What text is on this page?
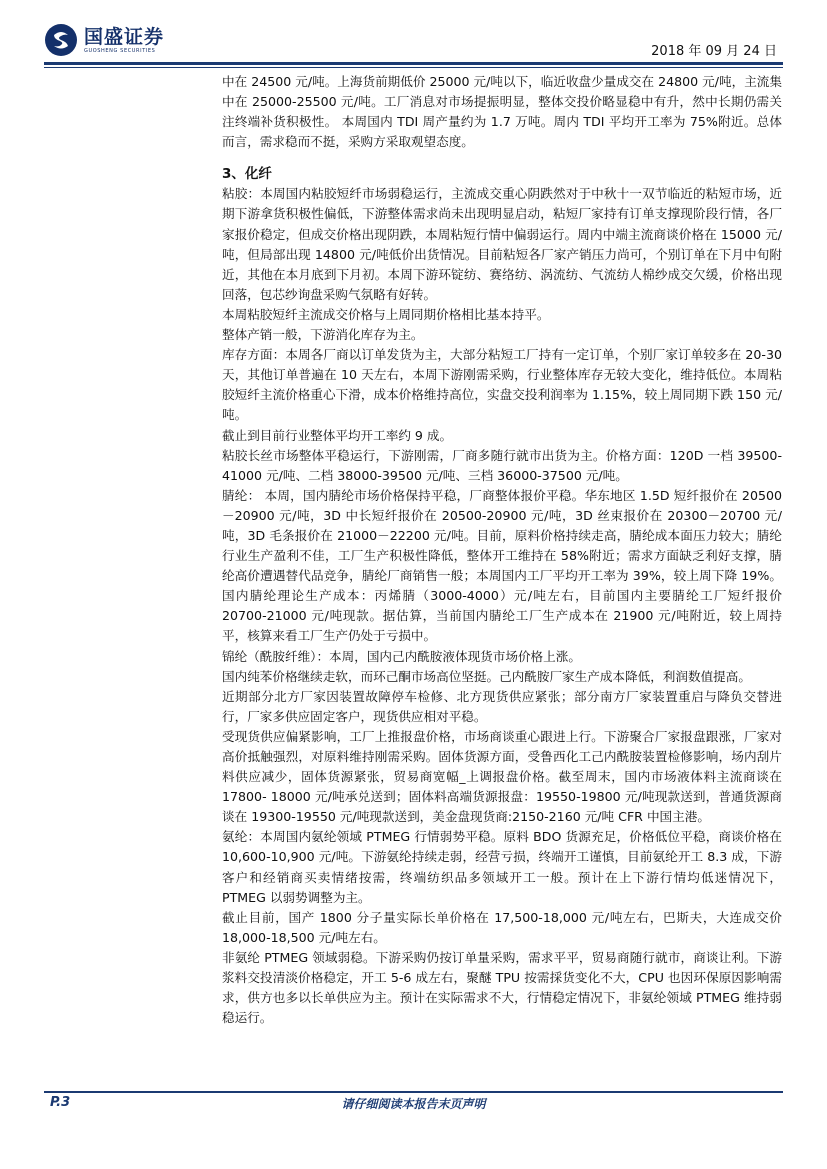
国盛证券
GUOSHENG SECURITIES	2018 年 09 月 24 日

中在 24500 元/吨。上海货前期低价 25000 元/吨以下，临近收盘少量成交在 24800 元/吨，主流集中在 25000-25500 元/吨。工厂消息对市场提振明显，整体交投价略显稳中有升，然中长期仍需关注终端补货积极性。 本周国内 TDI 周产量约为 1.7 万吨。周内 TDI 平均开工率为 75%附近。总体而言，需求稳而不挺，采购方采取观望态度。

3、化纤

粘胶：本周国内粘胶短纤市场弱稳运行，主流成交重心阴跌然对于中秋十一双节临近的粘短市场，近期下游拿货积极性偏低，下游整体需求尚未出现明显启动，粘短厂家持有订单支撑现阶段行情，各厂家报价稳定，但成交价格出现阴跌，本周粘短行情中偏弱运行。周内中端主流商谈价格在 15000 元/吨，但局部出现 14800 元/吨低价出货情况。目前粘短各厂家产销压力尚可，个别订单在下月中旬附近，其他在本月底到下月初。本周下游环锭纺、赛络纺、涡流纺、气流纺人棉纱成交欠缓，价格出现回落，包芯纱询盘采购气氛略有好转。

本周粘胶短纤主流成交价格与上周同期价格相比基本持平。

整体产销一般，下游消化库存为主。

库存方面：本周各厂商以订单发货为主，大部分粘短工厂持有一定订单，个别厂家订单较多在 20-30 天，其他订单普遍在 10 天左右，本周下游刚需采购，行业整体库存无较大变化，维持低位。本周粘胶短纤主流价格重心下滑，成本价格维持高位，实盘交投利润率为 1.15%，较上周同期下跌 150 元/吨。

截止到目前行业整体平均开工率约 9 成。

粘胶长丝市场整体平稳运行，下游刚需，厂商多随行就市出货为主。价格方面：120D 一档 39500-41000 元/吨、二档 38000-39500 元/吨、三档 36000-37500 元/吨。

腈纶： 本周，国内腈纶市场价格保持平稳，厂商整体报价平稳。华东地区 1.5D 短纤报价在 20500－20900 元/吨，3D 中长短纤报价在 20500-20900 元/吨，3D 丝束报价在 20300－20700 元/吨，3D 毛条报价在 21000－22200 元/吨。目前，原料价格持续走高，腈纶成本面压力较大；腈纶行业生产盈利不佳，工厂生产积极性降低，整体开工维持在 58%附近；需求方面缺乏利好支撑，腈纶高价遭遇替代品竞争，腈纶厂商销售一般；本周国内工厂平均开工率为 39%，较上周下降 19%。国内腈纶理论生产成本：丙烯腈（3000-4000）元/吨左右，目前国内主要腈纶工厂短纤报价 20700-21000 元/吨现款。据估算，当前国内腈纶工厂生产成本在 21900 元/吨附近，较上周持平，核算来看工厂生产仍处于亏损中。

锦纶（酰胺纤维）：本周，国内己内酰胺液体现货市场价格上涨。

国内纯苯价格继续走软，而环己酮市场高位坚挺。己内酰胺厂家生产成本降低，利润数值提高。

近期部分北方厂家因装置故障停车检修、北方现货供应紧张；部分南方厂家装置重启与降负交替进行，厂家多供应固定客户，现货供应相对平稳。

受现货供应偏紧影响，工厂上推报盘价格，市场商谈重心跟进上行。下游聚合厂家报盘跟涨，厂家对高价抵触强烈，对原料维持刚需采购。固体货源方面，受鲁西化工己内酰胺装置检修影响，场内刮片料供应减少，固体货源紧张，贸易商宽幅_上调报盘价格。截至周末，国内市场液体料主流商谈在 17800- 18000 元/吨承兑送到；固体料高端货源报盘：19550-19800 元/吨现款送到，普通货源商谈在 19300-19550 元/吨现款送到，美金盘现货商:2150-2160 元/吨 CFR 中国主港。

氨纶：本周国内氨纶领域 PTMEG 行情弱势平稳。原料 BDO 货源充足，价格低位平稳，商谈价格在 10,600-10,900 元/吨。下游氨纶持续走弱，经营亏损，终端开工谨慎，目前氨纶开工 8.3 成，下游客户和经销商买卖情绪按需，终端纺织品多领域开工一般。预计在上下游行情均低迷情况下，PTMEG 以弱势调整为主。

截止目前，国产 1800 分子量实际长单价格在 17,500-18,000 元/吨左右，巴斯夫，大连成交价 18,000-18,500 元/吨左右。

非氨纶 PTMEG 领域弱稳。下游采购仍按订单量采购，需求平平，贸易商随行就市，商谈让利。下游浆料交投清淡价格稳定，开工 5-6 成左右，聚醚 TPU 按需採货变化不大，CPU 也因环保原因影响需求，供方也多以长单供应为主。预计在实际需求不大，行情稳定情况下，非氨纶领域 PTMEG 维持弱稳运行。

P.3	请仔细阅读本报告末页声明
